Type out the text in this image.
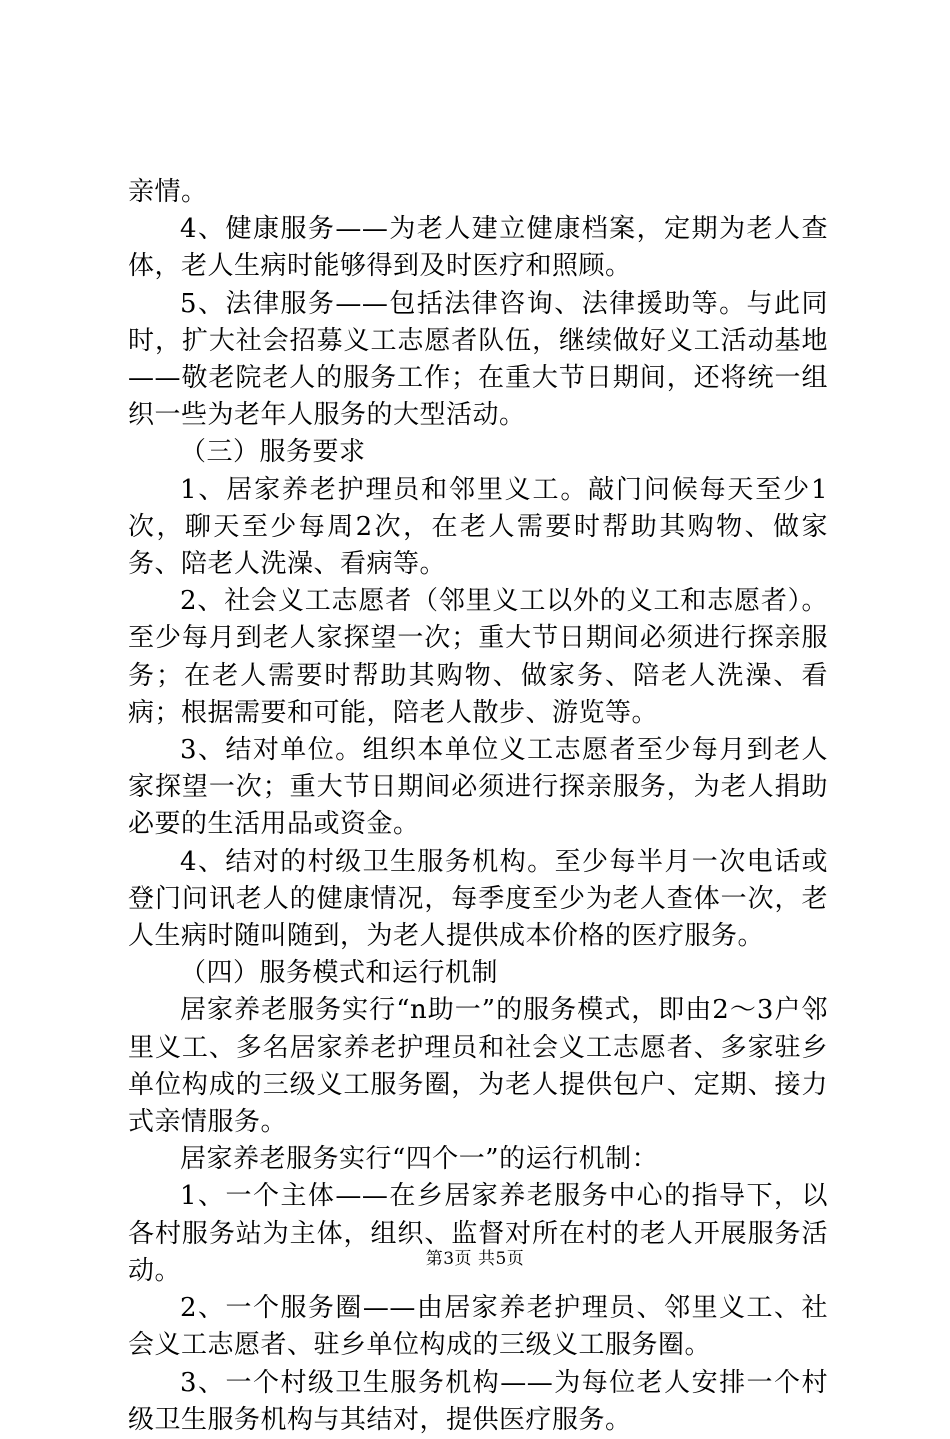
亲情。

4、健康服务——为老人建立健康档案，定期为老人查体，老人生病时能够得到及时医疗和照顾。

5、法律服务——包括法律咨询、法律援助等。与此同时，扩大社会招募义工志愿者队伍，继续做好义工活动基地——敬老院老人的服务工作；在重大节日期间，还将统一组织一些为老年人服务的大型活动。

（三）服务要求

1、居家养老护理员和邻里义工。敲门问候每天至少1次，聊天至少每周2次，在老人需要时帮助其购物、做家务、陪老人洗澡、看病等。

2、社会义工志愿者（邻里义工以外的义工和志愿者）。至少每月到老人家探望一次；重大节日期间必须进行探亲服务；在老人需要时帮助其购物、做家务、陪老人洗澡、看病；根据需要和可能，陪老人散步、游览等。

3、结对单位。组织本单位义工志愿者至少每月到老人家探望一次；重大节日期间必须进行探亲服务，为老人捐助必要的生活用品或资金。

4、结对的村级卫生服务机构。至少每半月一次电话或登门问讯老人的健康情况，每季度至少为老人查体一次，老人生病时随叫随到，为老人提供成本价格的医疗服务。

（四）服务模式和运行机制

居家养老服务实行“n助一”的服务模式，即由2～3户邻里义工、多名居家养老护理员和社会义工志愿者、多家驻乡单位构成的三级义工服务圈，为老人提供包户、定期、接力式亲情服务。

居家养老服务实行“四个一”的运行机制：

1、一个主体——在乡居家养老服务中心的指导下，以各村服务站为主体，组织、监督对所在村的老人开展服务活动。

2、一个服务圈——由居家养老护理员、邻里义工、社会义工志愿者、驻乡单位构成的三级义工服务圈。

3、一个村级卫生服务机构——为每位老人安排一个村级卫生服务机构与其结对，提供医疗服务。

第3页 共5页
